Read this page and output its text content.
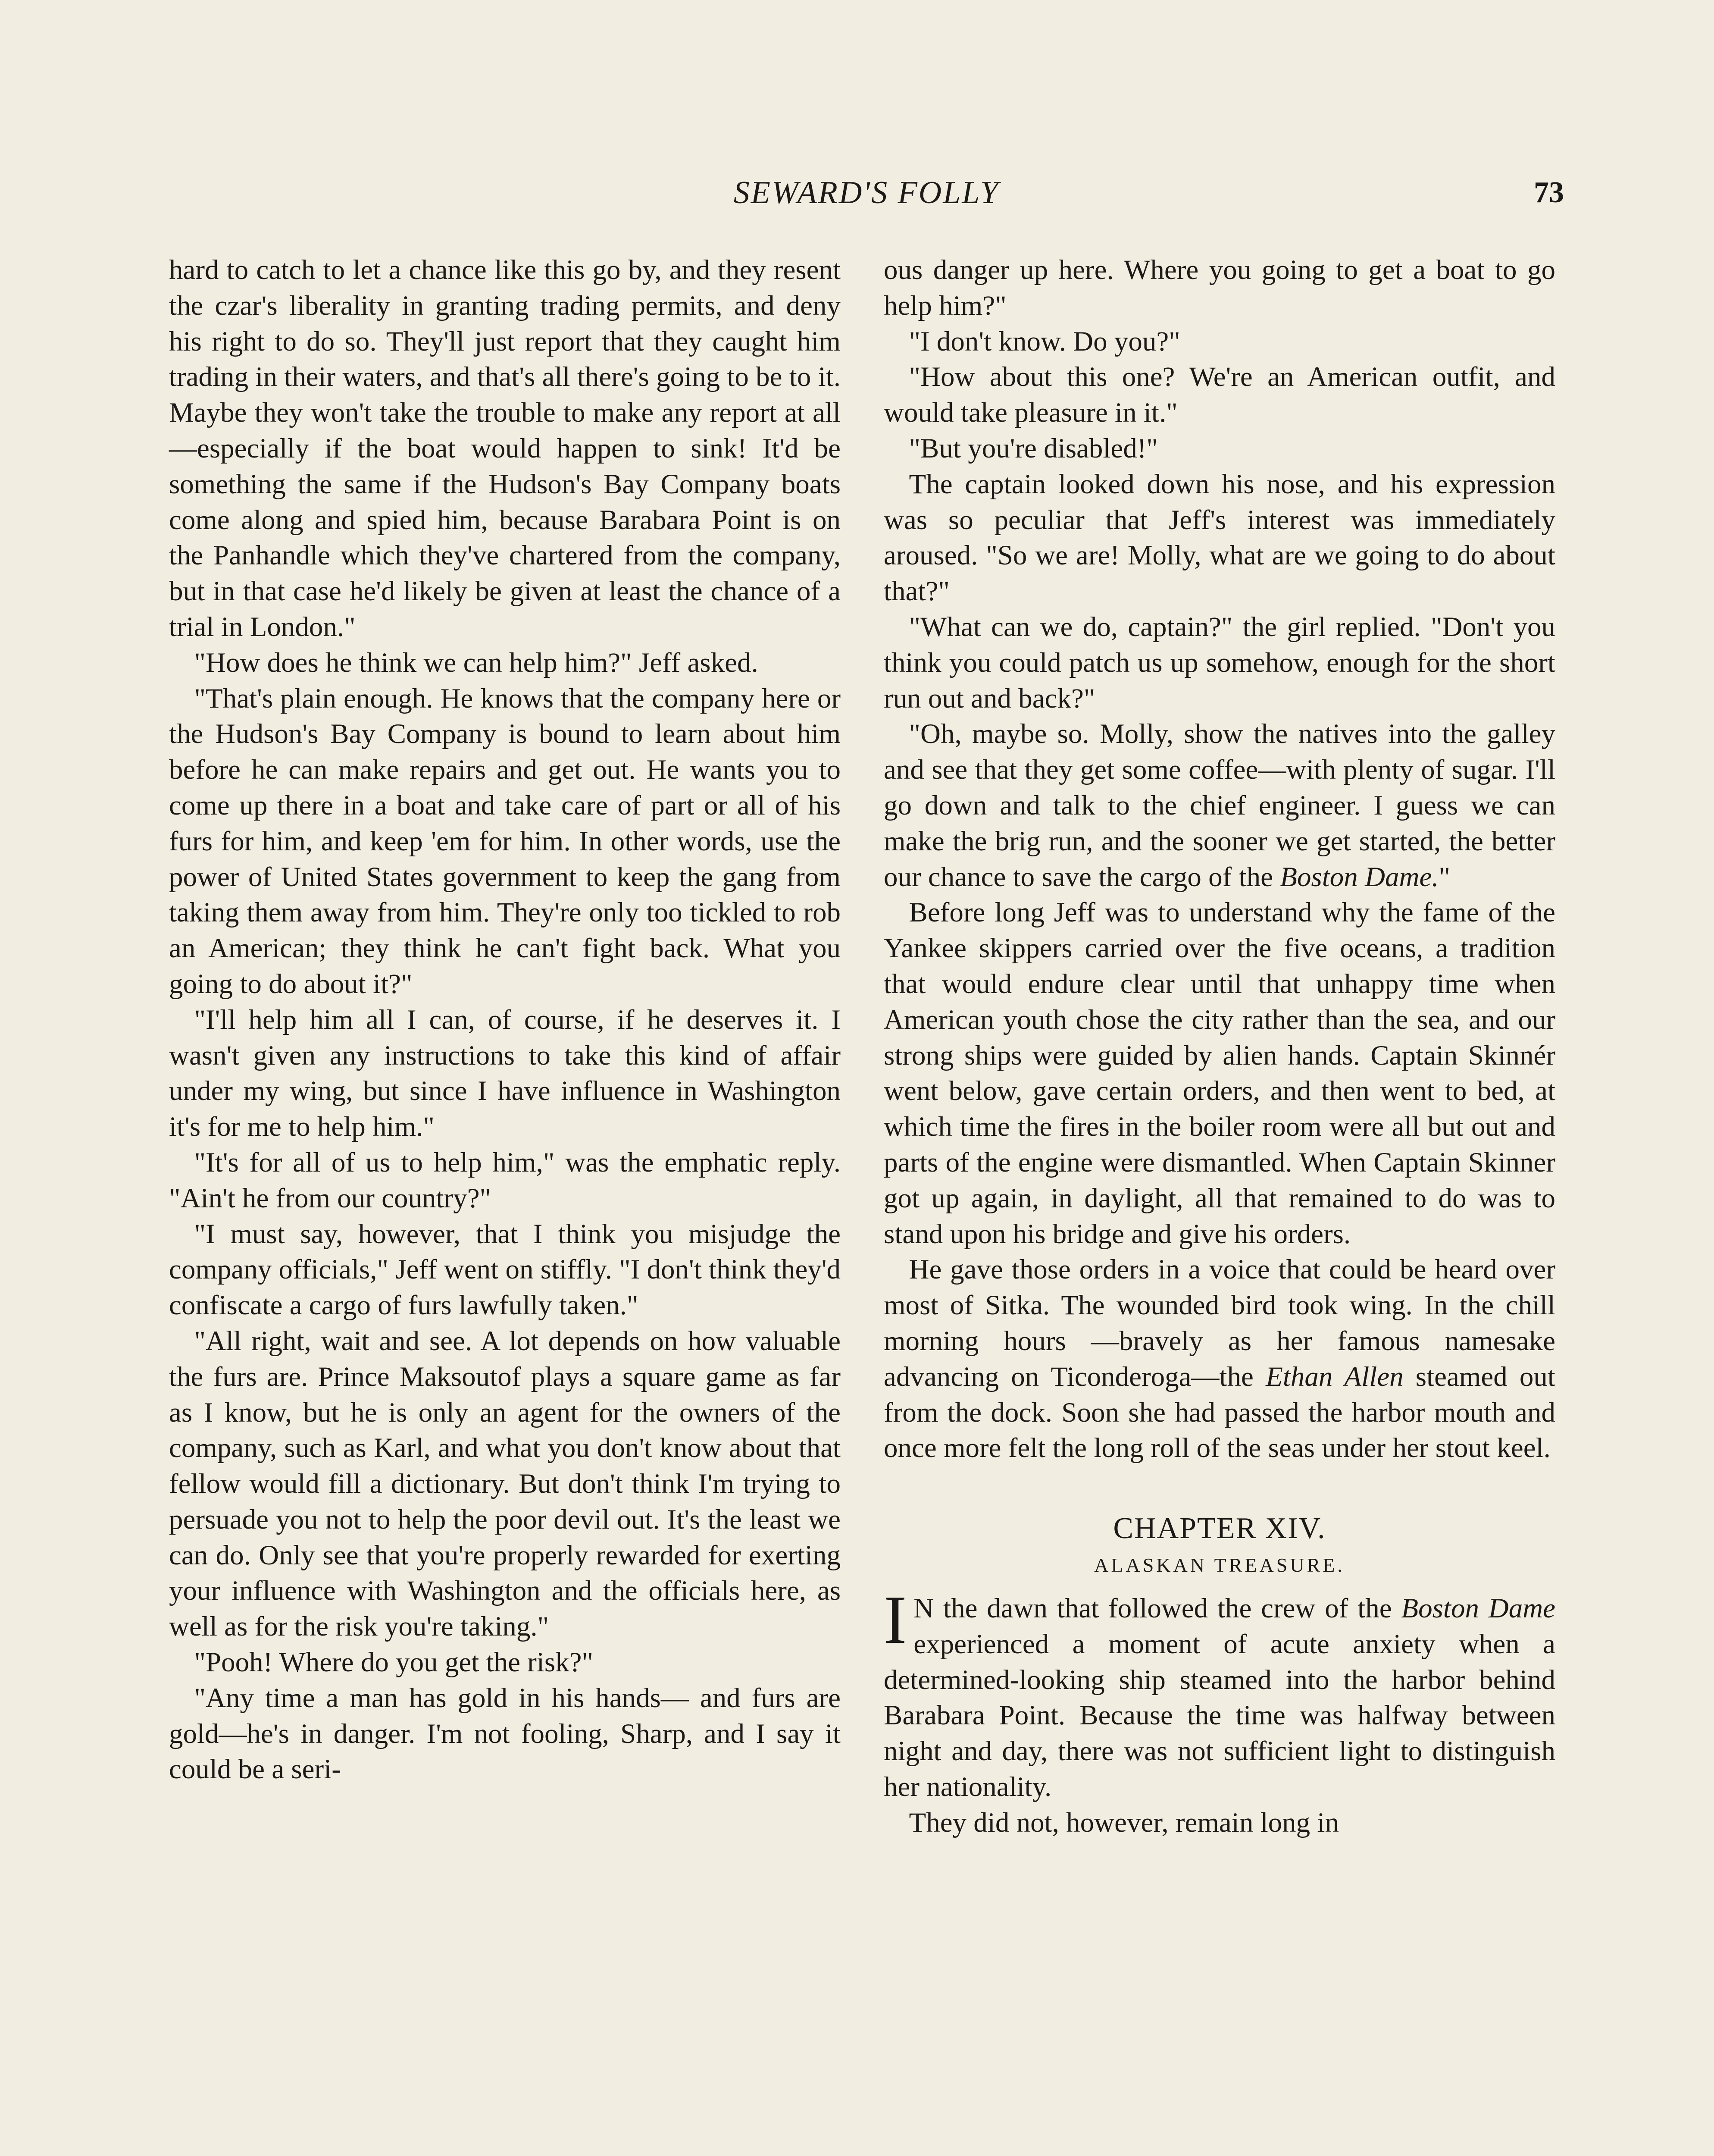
SEWARD'S FOLLY	73

hard to catch to let a chance like this go by, and they resent the czar's liberality in granting trading permits, and deny his right to do so. They'll just report that they caught him trading in their waters, and that's all there's going to be to it. Maybe they won't take the trouble to make any report at all —especially if the boat would happen to sink! It'd be something the same if the Hudson's Bay Company boats come along and spied him, because Barabara Point is on the Panhandle which they've chartered from the company, but in that case he'd likely be given at least the chance of a trial in London."

"How does he think we can help him?" Jeff asked.

"That's plain enough. He knows that the company here or the Hudson's Bay Company is bound to learn about him before he can make repairs and get out. He wants you to come up there in a boat and take care of part or all of his furs for him, and keep 'em for him. In other words, use the power of United States government to keep the gang from taking them away from him. They're only too tickled to rob an American; they think he can't fight back. What you going to do about it?"

"I'll help him all I can, of course, if he deserves it. I wasn't given any instructions to take this kind of affair under my wing, but since I have influence in Washington it's for me to help him."

"It's for all of us to help him," was the emphatic reply. "Ain't he from our country?"

"I must say, however, that I think you misjudge the company officials," Jeff went on stiffly. "I don't think they'd confiscate a cargo of furs lawfully taken."

"All right, wait and see. A lot depends on how valuable the furs are. Prince Maksoutof plays a square game as far as I know, but he is only an agent for the owners of the company, such as Karl, and what you don't know about that fellow would fill a dictionary. But don't think I'm trying to persuade you not to help the poor devil out. It's the least we can do. Only see that you're properly rewarded for exerting your influence with Washington and the officials here, as well as for the risk you're taking."

"Pooh! Where do you get the risk?"

"Any time a man has gold in his hands— and furs are gold—he's in danger. I'm not fooling, Sharp, and I say it could be a seri-

ous danger up here. Where you going to get a boat to go help him?"

"I don't know. Do you?"

"How about this one? We're an American outfit, and would take pleasure in it."

"But you're disabled!"

The captain looked down his nose, and his expression was so peculiar that Jeff's interest was immediately aroused. "So we are! Molly, what are we going to do about that?"

"What can we do, captain?" the girl replied. "Don't you think you could patch us up somehow, enough for the short run out and back?"

"Oh, maybe so. Molly, show the natives into the galley and see that they get some coffee—with plenty of sugar. I'll go down and talk to the chief engineer. I guess we can make the brig run, and the sooner we get started, the better our chance to save the cargo of the Boston Dame."

Before long Jeff was to understand why the fame of the Yankee skippers carried over the five oceans, a tradition that would endure clear until that unhappy time when American youth chose the city rather than the sea, and our strong ships were guided by alien hands. Captain Skinnér went below, gave certain orders, and then went to bed, at which time the fires in the boiler room were all but out and parts of the engine were dismantled. When Captain Skinner got up again, in daylight, all that remained to do was to stand upon his bridge and give his orders.

He gave those orders in a voice that could be heard over most of Sitka. The wounded bird took wing. In the chill morning hours —bravely as her famous namesake advancing on Ticonderoga—the Ethan Allen steamed out from the dock. Soon she had passed the harbor mouth and once more felt the long roll of the seas under her stout keel.

CHAPTER XIV.
ALASKAN TREASURE.

I N the dawn that followed the crew of the Boston Dame experienced a moment of acute anxiety when a determined-looking ship steamed into the harbor behind Barabara Point. Because the time was halfway between night and day, there was not sufficient light to distinguish her nationality.

They did not, however, remain long in
